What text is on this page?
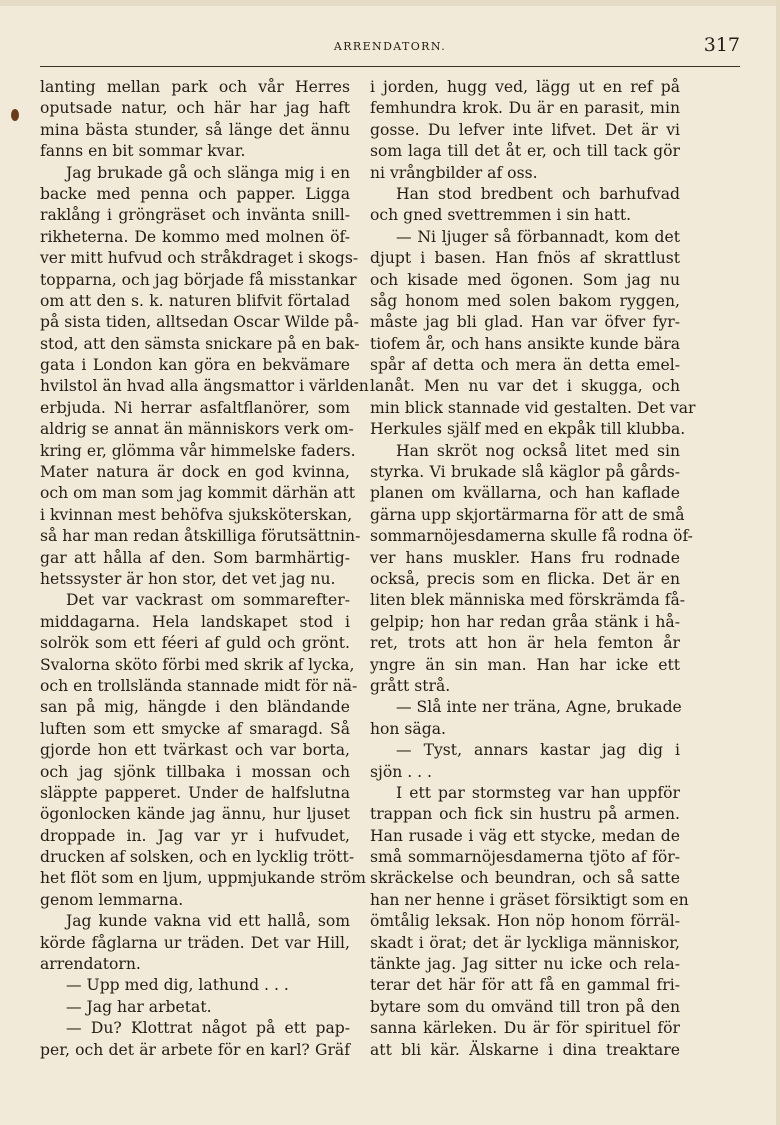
ARRENDATORN.	317
lanting mellan park och vår Herres
oputsade natur, och här har jag haft
mina bästa stunder, så länge det ännu
fanns en bit sommar kvar.
Jag brukade gå och slänga mig i en
backe med penna och papper. Ligga
raklång i gröngräset och invänta snill-
rikheterna. De kommo med molnen öf-
ver mitt hufvud och stråkdraget i skogs-
topparna, och jag började få misstankar
om att den s. k. naturen blifvit förtalad
på sista tiden, alltsedan Oscar Wilde på-
stod, att den sämsta snickare på en bak-
gata i London kan göra en bekvämare
hvilstol än hvad alla ängsmattor i världen
erbjuda. Ni herrar asfaltflanörer, som
aldrig se annat än människors verk om-
kring er, glömma vår himmelske faders.
Mater natura är dock en god kvinna,
och om man som jag kommit därhän att
i kvinnan mest behöfva sjuksköterskan,
så har man redan åtskilliga förutsättnin-
gar att hålla af den. Som barmhärtig-
hetssyster är hon stor, det vet jag nu.
Det var vackrast om sommarefter-
middagarna. Hela landskapet stod i
solrök som ett féeri af guld och grönt.
Svalorna sköto förbi med skrik af lycka,
och en trollslända stannade midt för nä-
san på mig, hängde i den bländande
luften som ett smycke af smaragd. Så
gjorde hon ett tvärkast och var borta,
och jag sjönk tillbaka i mossan och
släppte papperet. Under de halfslutna
ögonlocken kände jag ännu, hur ljuset
droppade in. Jag var yr i hufvudet,
drucken af solsken, och en lycklig trött-
het flöt som en ljum, uppmjukande ström
genom lemmarna.
Jag kunde vakna vid ett hallå, som
körde fåglarna ur träden. Det var Hill,
arrendatorn.
— Upp med dig, lathund . . .
— Jag har arbetat.
— Du? Klottrat något på ett pap-
per, och det är arbete för en karl? Gräf
i jorden, hugg ved, lägg ut en ref på
femhundra krok. Du är en parasit, min
gosse. Du lefver inte lifvet. Det är vi
som laga till det åt er, och till tack gör
ni vrångbilder af oss.
Han stod bredbent och barhufvad
och gned svettremmen i sin hatt.
— Ni ljuger så förbannadt, kom det
djupt i basen. Han fnös af skrattlust
och kisade med ögonen. Som jag nu
såg honom med solen bakom ryggen,
måste jag bli glad. Han var öfver fyr-
tiofem år, och hans ansikte kunde bära
spår af detta och mera än detta emel-
lanåt. Men nu var det i skugga, och
min blick stannade vid gestalten. Det var
Herkules själf med en ekpåk till klubba.
Han skröt nog också litet med sin
styrka. Vi brukade slå käglor på gårds-
planen om kvällarna, och han kaflade
gärna upp skjortärmarna för att de små
sommarnöjesdamerna skulle få rodna öf-
ver hans muskler. Hans fru rodnade
också, precis som en flicka. Det är en
liten blek människa med förskrämda få-
gelpip; hon har redan gråa stänk i hå-
ret, trots att hon är hela femton år
yngre än sin man. Han har icke ett
grått strå.
— Slå inte ner träna, Agne, brukade
hon säga.
— Tyst, annars kastar jag dig i
sjön . . .
I ett par stormsteg var han uppför
trappan och fick sin hustru på armen.
Han rusade i väg ett stycke, medan de
små sommarnöjesdamerna tjöto af för-
skräckelse och beundran, och så satte
han ner henne i gräset försiktigt som en
ömtålig leksak. Hon nöp honom förräl-
skadt i örat; det är lyckliga människor,
tänkte jag. Jag sitter nu icke och rela-
terar det här för att få en gammal fri-
bytare som du omvänd till tron på den
sanna kärleken. Du är för spirituel för
att bli kär. Älskarne i dina treaktare
